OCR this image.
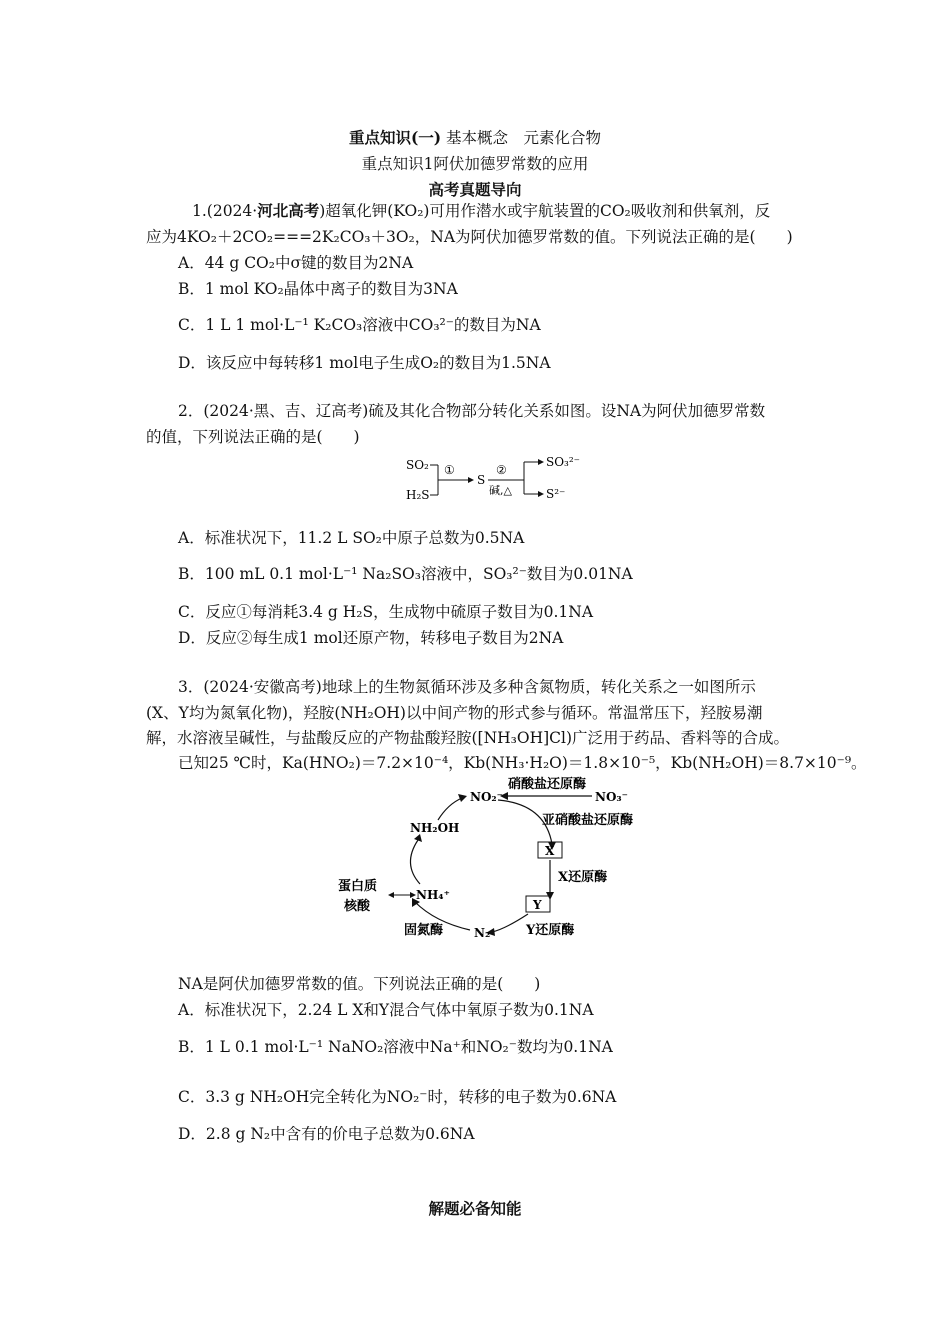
重点知识(一) 基本概念　元素化合物
重点知识1阿伏加德罗常数的应用
高考真题导向
1.(2024·河北高考)超氧化钾(KO₂)可用作潜水或宇航装置的CO₂吸收剂和供氧剂，反
应为4KO₂＋2CO₂===2K₂CO₃＋3O₂，NA为阿伏加德罗常数的值。下列说法正确的是(　　)
A．44 g CO₂中σ键的数目为2NA
B．1 mol KO₂晶体中离子的数目为3NA
C．1 L 1 mol·L⁻¹ K₂CO₃溶液中CO₃²⁻的数目为NA
D．该反应中每转移1 mol电子生成O₂的数目为1.5NA
2．(2024·黑、吉、辽高考)硫及其化合物部分转化关系如图。设NA为阿伏加德罗常数
的值，下列说法正确的是(　　)
SO₂
H₂S
①
S
②
碱,△
SO₃²⁻
S²⁻
A．标准状况下，11.2 L SO₂中原子总数为0.5NA
B．100 mL 0.1 mol·L⁻¹ Na₂SO₃溶液中，SO₃²⁻数目为0.01NA
C．反应①每消耗3.4 g H₂S，生成物中硫原子数目为0.1NA
D．反应②每生成1 mol还原产物，转移电子数目为2NA
3．(2024·安徽高考)地球上的生物氮循环涉及多种含氮物质，转化关系之一如图所示
(X、Y均为氮氧化物)，羟胺(NH₂OH)以中间产物的形式参与循环。常温常压下，羟胺易潮
解，水溶液呈碱性，与盐酸反应的产物盐酸羟胺([NH₃OH]Cl)广泛用于药品、香料等的合成。
已知25 ℃时，Ka(HNO₂)＝7.2×10⁻⁴，Kb(NH₃·H₂O)＝1.8×10⁻⁵，Kb(NH₂OH)＝8.7×10⁻⁹。
NO₂⁻	NO₃⁻
硝酸盐还原酶
亚硝酸盐还原酶
X
X还原酶
Y
Y还原酶
N₂
固氮酶
NH₄⁺
NH₂OH
蛋白质
核酸
NA是阿伏加德罗常数的值。下列说法正确的是(　　)
A．标准状况下，2.24 L X和Y混合气体中氧原子数为0.1NA
B．1 L 0.1 mol·L⁻¹ NaNO₂溶液中Na⁺和NO₂⁻数均为0.1NA
C．3.3 g NH₂OH完全转化为NO₂⁻时，转移的电子数为0.6NA
D．2.8 g N₂中含有的价电子总数为0.6NA
解题必备知能
